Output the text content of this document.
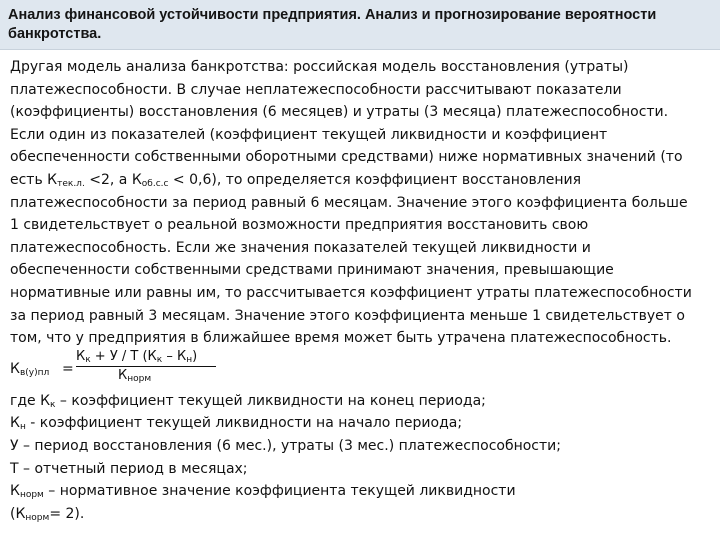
Анализ финансовой устойчивости предприятия. Анализ и прогнозирование вероятности
банкротства.

Другая модель анализа банкротства: российская модель восстановления (утраты)
платежеспособности. В случае неплатежеспособности рассчитывают показатели
(коэффициенты) восстановления (6 месяцев) и утраты (3 месяца) платежеспособности.
Если один из показателей (коэффициент текущей ликвидности и коэффициент
обеспеченности собственными оборотными средствами) ниже нормативных значений (то
есть $К_{тек.л.} <2$, а $К_{об.с.с} < 0,6$), то определяется коэффициент восстановления
платежеспособности за период равный 6 месяцам. Значение этого коэффициента больше
1 свидетельствует о реальной возможности предприятия восстановить свою
платежеспособность. Если же значения показателей текущей ликвидности и
обеспеченности собственными средствами принимают значения, превышающие
нормативные или равны им, то рассчитывается коэффициент утраты платежеспособности
за период равный 3 месяцам. Значение этого коэффициента меньше 1 свидетельствует о
том, что у предприятия в ближайшее время может быть утрачена платежеспособность.

$К_{в(у)пл}$ =
$К_к + У / Т$ $(К_к - К_н)$
$К_{норм}$

где $К_к$ – коэффициент текущей ликвидности на конец периода;
$К_н$ - коэффициент текущей ликвидности на начало периода;
У – период восстановления (6 мес.), утраты (3 мес.) платежеспособности;
Т – отчетный период в месяцах;
$К_{норм}$ – нормативное значение коэффициента текущей ликвидности
$(К_{норм}= 2)$.
